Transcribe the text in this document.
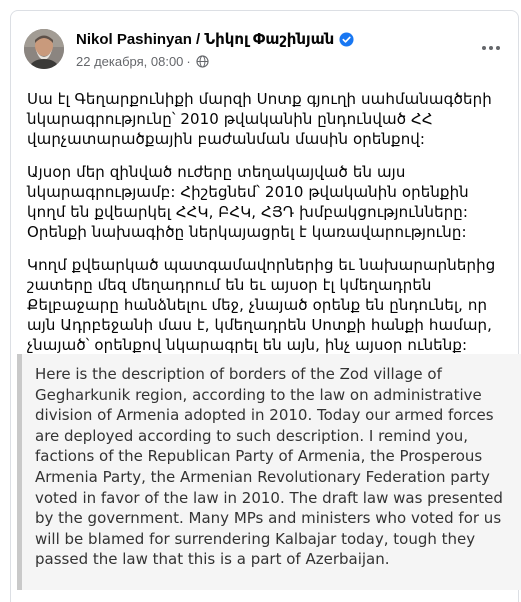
Nikol Pashinyan / Նիկոլ Փաշինյան
22 декабря, 08:00 ·

Սա էլ Գեղարքունիքի մարզի Սոտք գյուղի սահմանագծերի նկարագրությունը՝ 2010 թվականին ընդունված ՀՀ վարչատարածքային բաժանման մասին օրենքով:

Այսօր մեր զինված ուժերը տեղակայված են այս նկարագրությամբ: Հիշեցնեմ՝ 2010 թվականին օրենքին կողմ են քվեարկել ՀՀԿ, ԲՀԿ, ՀՅԴ խմբակցությունները: Օրենքի նախագիծը ներկայացրել է կառավարությունը:

Կողմ քվեարկած պատգամավորներից եւ նախարարներից շատերը մեզ մեղադրում են եւ այսօր էլ կմեղադրեն Քելբաջարը հանձնելու մեջ, չնայած օրենք են ընդունել, որ այն Ադրբեջանի մաս է, կմեղադրեն Սոտքի հանքի համար, չնայած՝ օրենքով նկարագրել են այն, ինչ այսօր ունենք:

Here is the description of borders of the Zod village of Gegharkunik region, according to the law on administrative division of Armenia adopted in 2010. Today our armed forces are deployed according to such description. I remind you, factions of the Republican Party of Armenia, the Prosperous Armenia Party, the Armenian Revolutionary Federation party voted in favor of the law in 2010. The draft law was presented by the government. Many MPs and ministers who voted for us will be blamed for surrendering Kalbajar today, tough they passed the law that this is a part of Azerbaijan.
